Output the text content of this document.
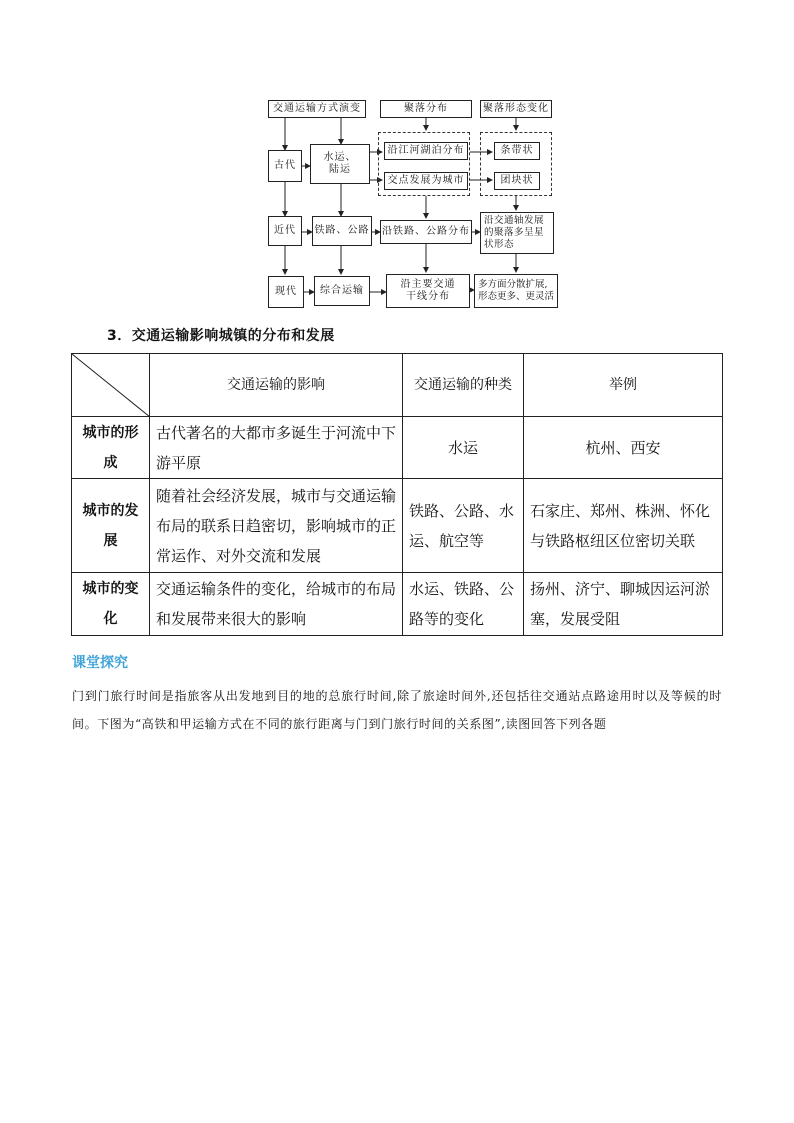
交通运输方式演变	聚落分布	聚落形态变化
古代
近代
现代
水运、
陆运
铁路、公路
综合运输
沿江河湖泊分布
交点发展为城市
沿铁路、公路分布
沿主要交通
干线分布
条带状
团块状
沿交通轴发展
的聚落多呈星
状形态
多方面分散扩展,
形态更多、更灵活
3．交通运输影响城镇的分布和发展
	交通运输的影响	交通运输的种类	举例
城市的形成	古代著名的大都市多诞生于河流中下游平原	水运	杭州、西安
城市的发展	随着社会经济发展，城市与交通运输布局的联系日趋密切，影响城市的正常运作、对外交流和发展	铁路、公路、水运、航空等	石家庄、郑州、株洲、怀化与铁路枢纽区位密切关联
城市的变化	交通运输条件的变化，给城市的布局和发展带来很大的影响	水运、铁路、公路等的变化	扬州、济宁、聊城因运河淤塞，发展受阻
课堂探究
门到门旅行时间是指旅客从出发地到目的地的总旅行时间,除了旅途时间外,还包括往交通站点路途用时以及等候的时间。下图为“高铁和甲运输方式在不同的旅行距离与门到门旅行时间的关系图”,读图回答下列各题
